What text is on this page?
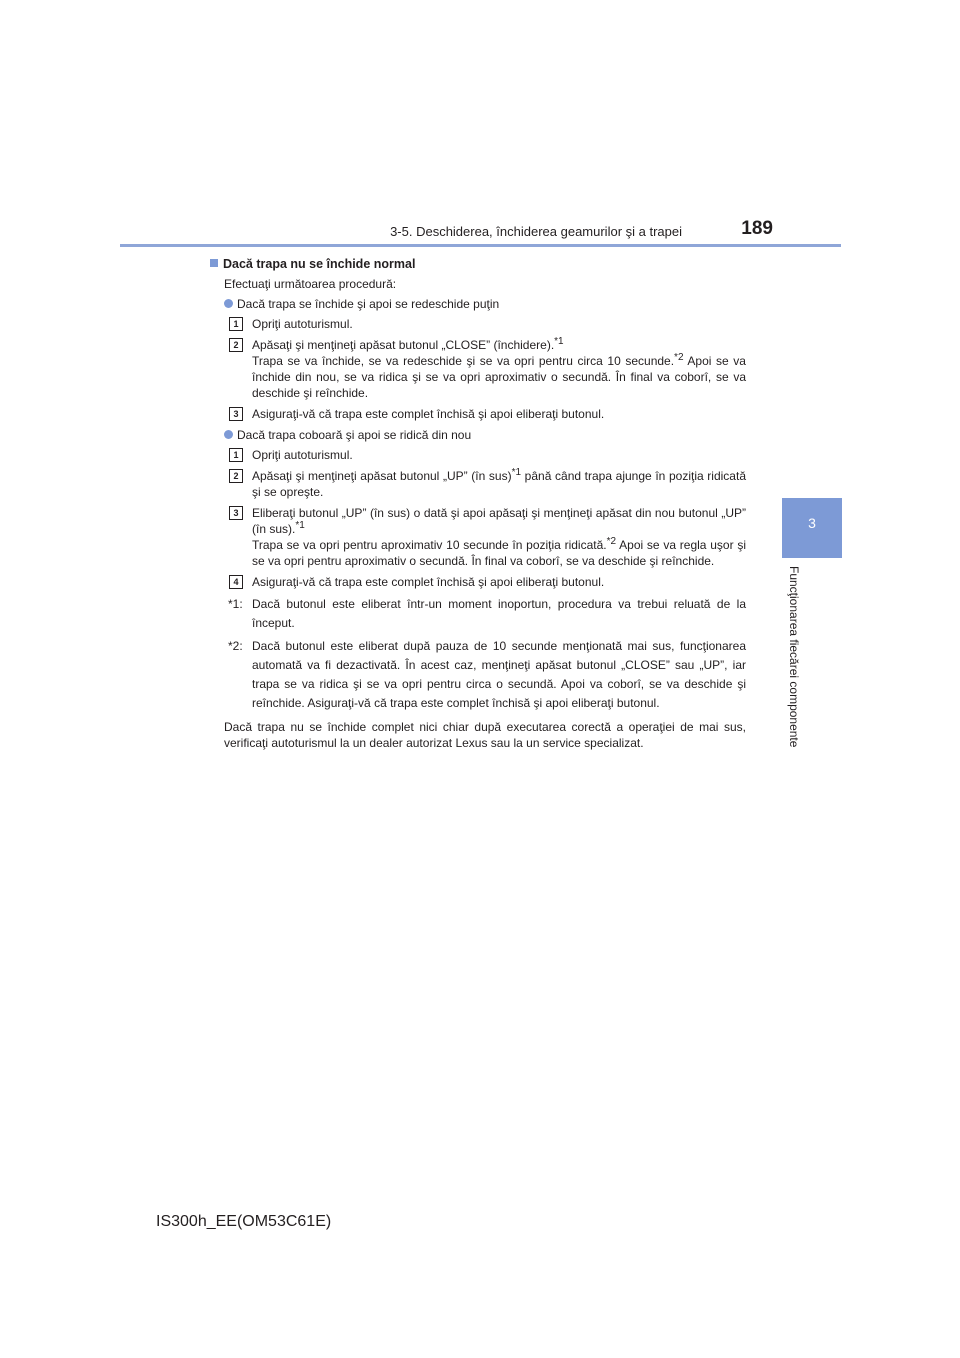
3-5. Deschiderea, închiderea geamurilor şi a trapei	189
3
Funcţionarea fiecărei componente
Dacă trapa nu se închide normal
Efectuaţi următoarea procedură:
Dacă trapa se închide şi apoi se redeschide puţin
1	Opriţi autoturismul.

2	Apăsaţi şi menţineţi apăsat butonul „CLOSE” (închidere).$^{*1}$
Trapa se va închide, se va redeschide şi se va opri pentru circa 10 secunde.$^{*2}$ Apoi se va închide din nou, se va ridica şi se va opri aproximativ o secundă. În final va coborî, se va deschide şi reînchide.

3	Asiguraţi-vă că trapa este complet închisă şi apoi eliberaţi butonul.

Dacă trapa coboară şi apoi se ridică din nou
1	Opriţi autoturismul.

2	Apăsaţi şi menţineţi apăsat butonul „UP” (în sus)$^{*1}$ până când trapa ajunge în poziţia ridicată şi se opreşte.

3	Eliberaţi butonul „UP” (în sus) o dată şi apoi apăsaţi şi menţineţi apăsat din nou butonul „UP” (în sus).$^{*1}$
Trapa se va opri pentru aproximativ 10 secunde în poziţia ridicată.$^{*2}$ Apoi se va regla uşor şi se va opri pentru aproximativ o secundă. În final va coborî, se va deschide şi reînchide.

4	Asiguraţi-vă că trapa este complet închisă şi apoi eliberaţi butonul.

*1: Dacă butonul este eliberat într-un moment inoportun, procedura va trebui reluată de la început.
*2: Dacă butonul este eliberat după pauza de 10 secunde menţionată mai sus, funcţionarea automată va fi dezactivată. În acest caz, menţineţi apăsat butonul „CLOSE” sau „UP”, iar trapa se va ridica şi se va opri pentru circa o secundă. Apoi va coborî, se va deschide şi reînchide. Asiguraţi-vă că trapa este complet închisă şi apoi eliberaţi butonul.
Dacă trapa nu se închide complet nici chiar după executarea corectă a operaţiei de mai sus, verificaţi autoturismul la un dealer autorizat Lexus sau la un service specializat.
IS300h_EE(OM53C61E)
